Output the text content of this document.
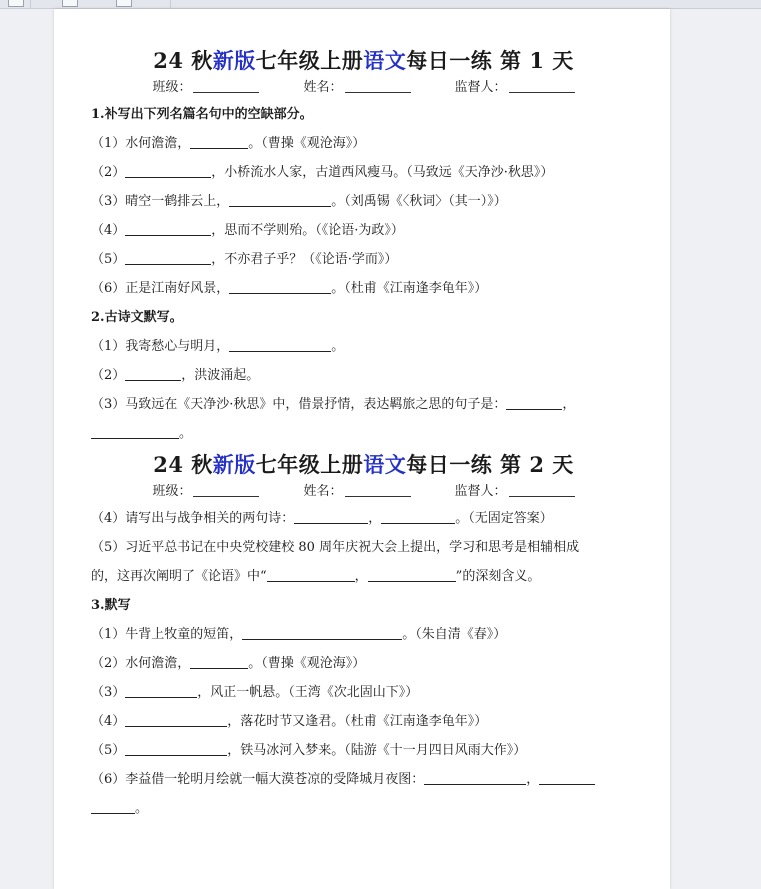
24 秋新版七年级上册语文每日一练 第 1 天
班级：	姓名：	监督人：
1.补写出下列名篇名句中的空缺部分。
（1）水何澹澹，	。（曹操《观沧海》）
（2）	，小桥流水人家，古道西风瘦马。（马致远《天净沙·秋思》）
（3）晴空一鹤排云上，	。（刘禹锡《〈秋词〉（其一）》）
（4）	，思而不学则殆。（《论语·为政》）
（5）	，不亦君子乎？（《论语·学而》）
（6）正是江南好风景，	。（杜甫《江南逢李龟年》）
2.古诗文默写。
（1）我寄愁心与明月，	。
（2）	，洪波涌起。
（3）马致远在《天净沙·秋思》中，借景抒情，表达羁旅之思的句子是：	，
。
24 秋新版七年级上册语文每日一练 第 2 天
班级：	姓名：	监督人：
（4）请写出与战争相关的两句诗：	，	。（无固定答案）
（5）习近平总书记在中央党校建校 80 周年庆祝大会上提出，学习和思考是相辅相成
的，这再次阐明了《论语》中“	，	”的深刻含义。
3.默写
（1）牛背上牧童的短笛，	。（朱自清《春》）
（2）水何澹澹，	。（曹操《观沧海》）
（3）	，风正一帆悬。（王湾《次北固山下》）
（4）	，落花时节又逢君。（杜甫《江南逢李龟年》）
（5）	，铁马冰河入梦来。（陆游《十一月四日风雨大作》）
（6）李益借一轮明月绘就一幅大漠苍凉的受降城月夜图：	，
。
